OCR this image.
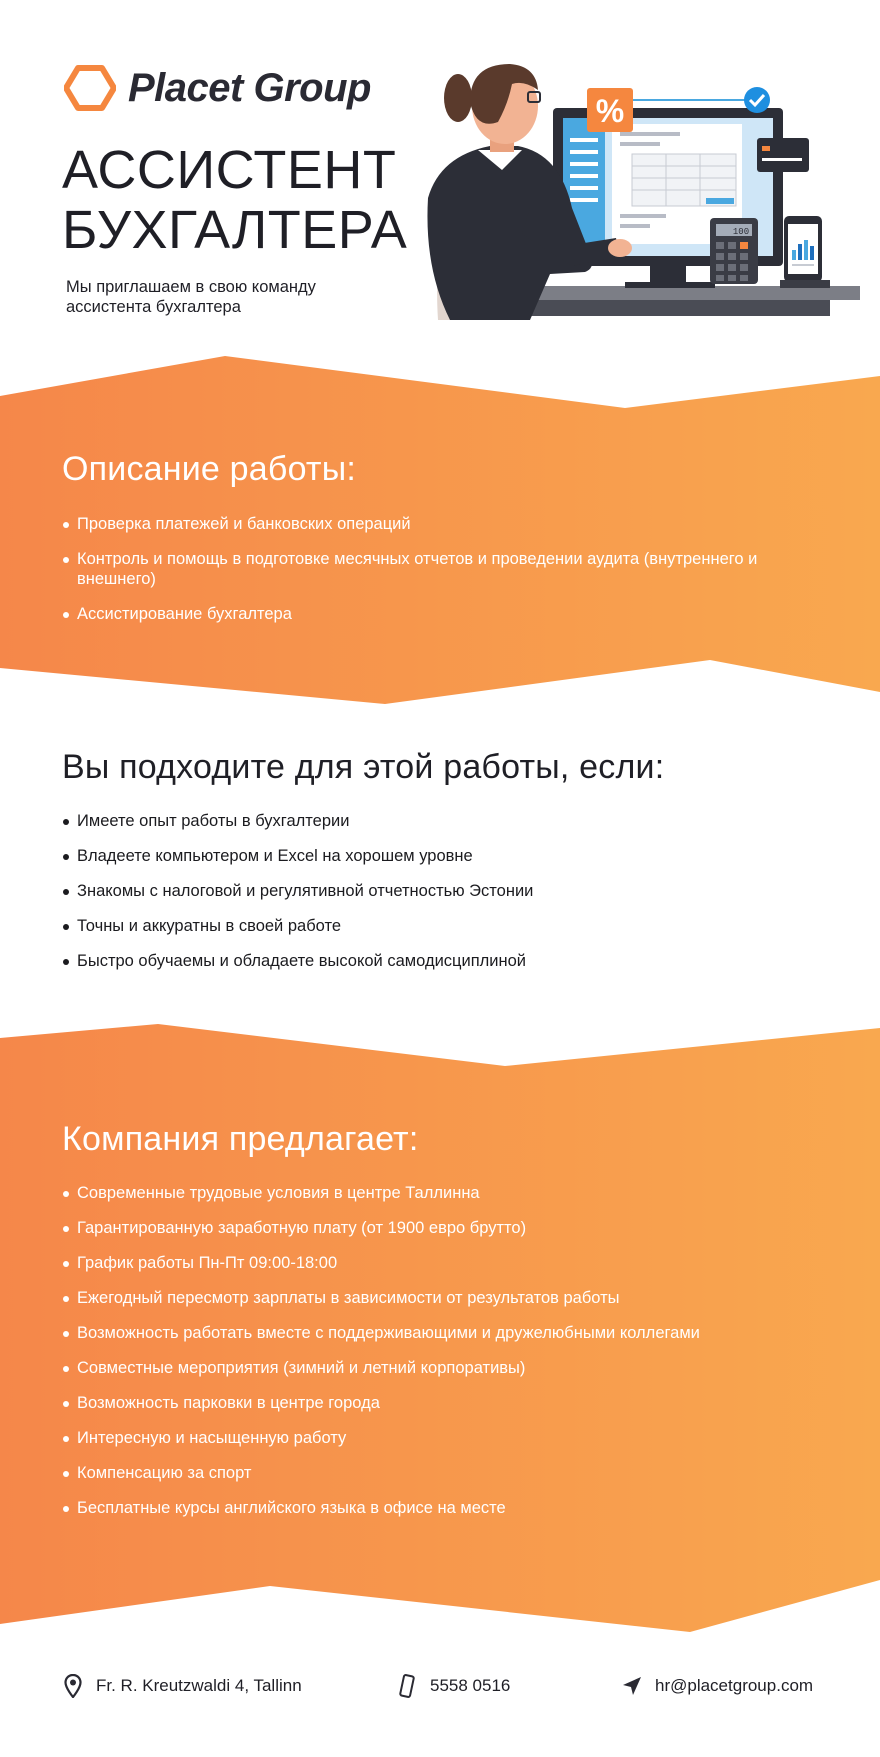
Placet Group
АССИСТЕНТ
БУХГАЛТЕРА
Мы приглашаем в свою команду ассистента бухгалтера
%
100
Описание работы:
Проверка платежей и банковских операций
Контроль и помощь в подготовке месячных отчетов и проведении аудита (внутреннего и внешнего)
Ассистирование бухгалтера
Вы подходите для этой работы, если:
Имеете опыт работы в бухгалтерии
Владеете компьютером и Excel на хорошем уровне
Знакомы с налоговой и регулятивной отчетностью Эстонии
Точны и аккуратны в своей работе
Быстро обучаемы и обладаете высокой самодисциплиной
Компания предлагает:
Современные трудовые условия в центре Таллинна
Гарантированную заработную плату (от 1900 евро брутто)
График работы Пн-Пт 09:00-18:00
Ежегодный пересмотр зарплаты в зависимости от результатов работы
Возможность работать вместе с поддерживающими и дружелюбными коллегами
Совместные мероприятия (зимний и летний корпоративы)
Возможность парковки в центре города
Интересную и насыщенную работу
Компенсацию за спорт
Бесплатные курсы английского языка в офисе на месте
Fr. R. Kreutzwaldi 4, Tallinn	5558 0516	hr@placetgroup.com
